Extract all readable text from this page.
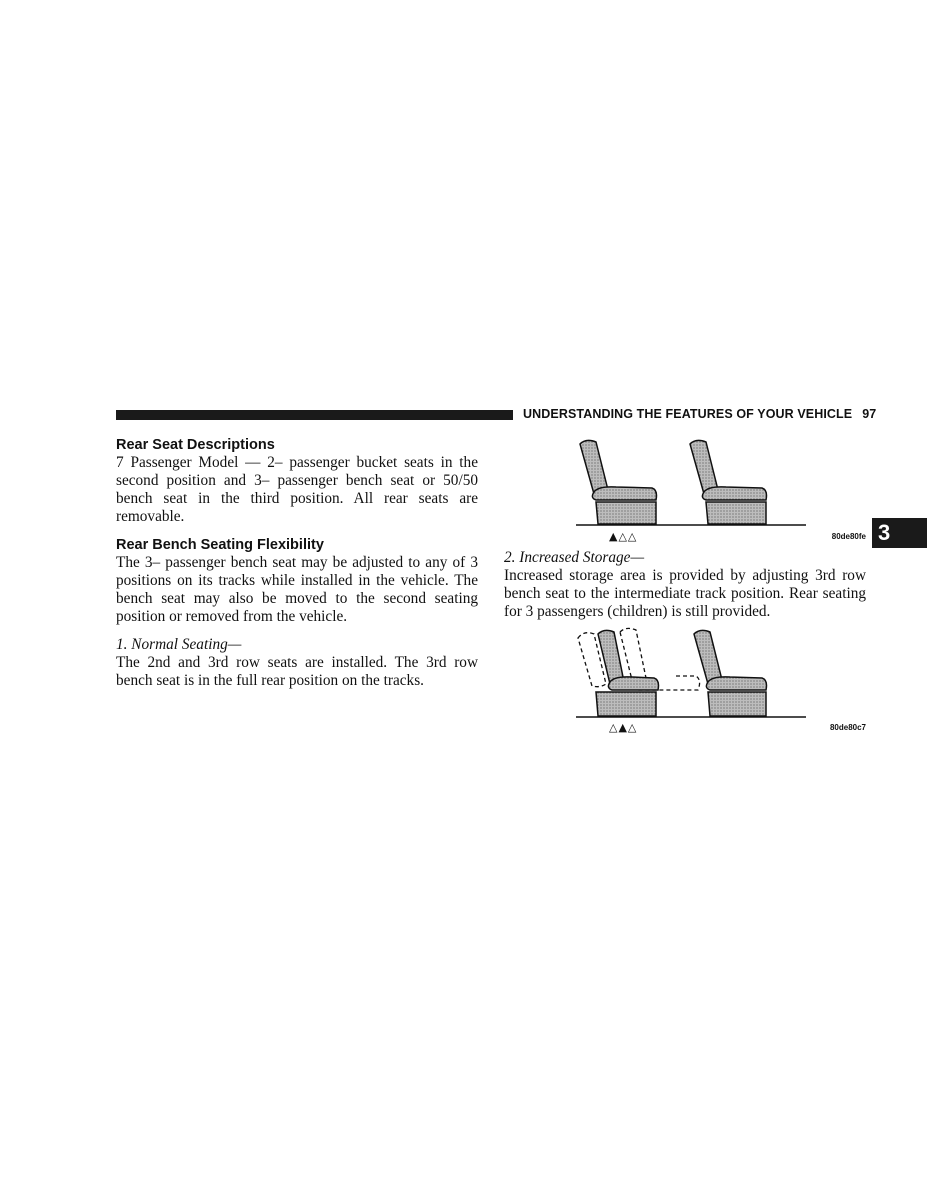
UNDERSTANDING THE FEATURES OF YOUR VEHICLE 97
3
Rear Seat Descriptions

7 Passenger Model — 2– passenger bucket seats in the second position and 3– passenger bench seat or 50/50 bench seat in the third position. All rear seats are removable.

Rear Bench Seating Flexibility

The 3– passenger bench seat may be adjusted to any of 3 positions on its tracks while installed in the vehicle. The bench seat may also be moved to the second seating position or removed from the vehicle.

1. Normal Seating—

The 2nd and 3rd row seats are installed. The 3rd row bench seat is in the full rear position on the tracks.

2. Increased Storage—

Increased storage area is provided by adjusting 3rd row bench seat to the intermediate track position. Rear seating for 3 passengers (children) is still provided.

▲△△	80de80fe
△▲△	80de80c7
